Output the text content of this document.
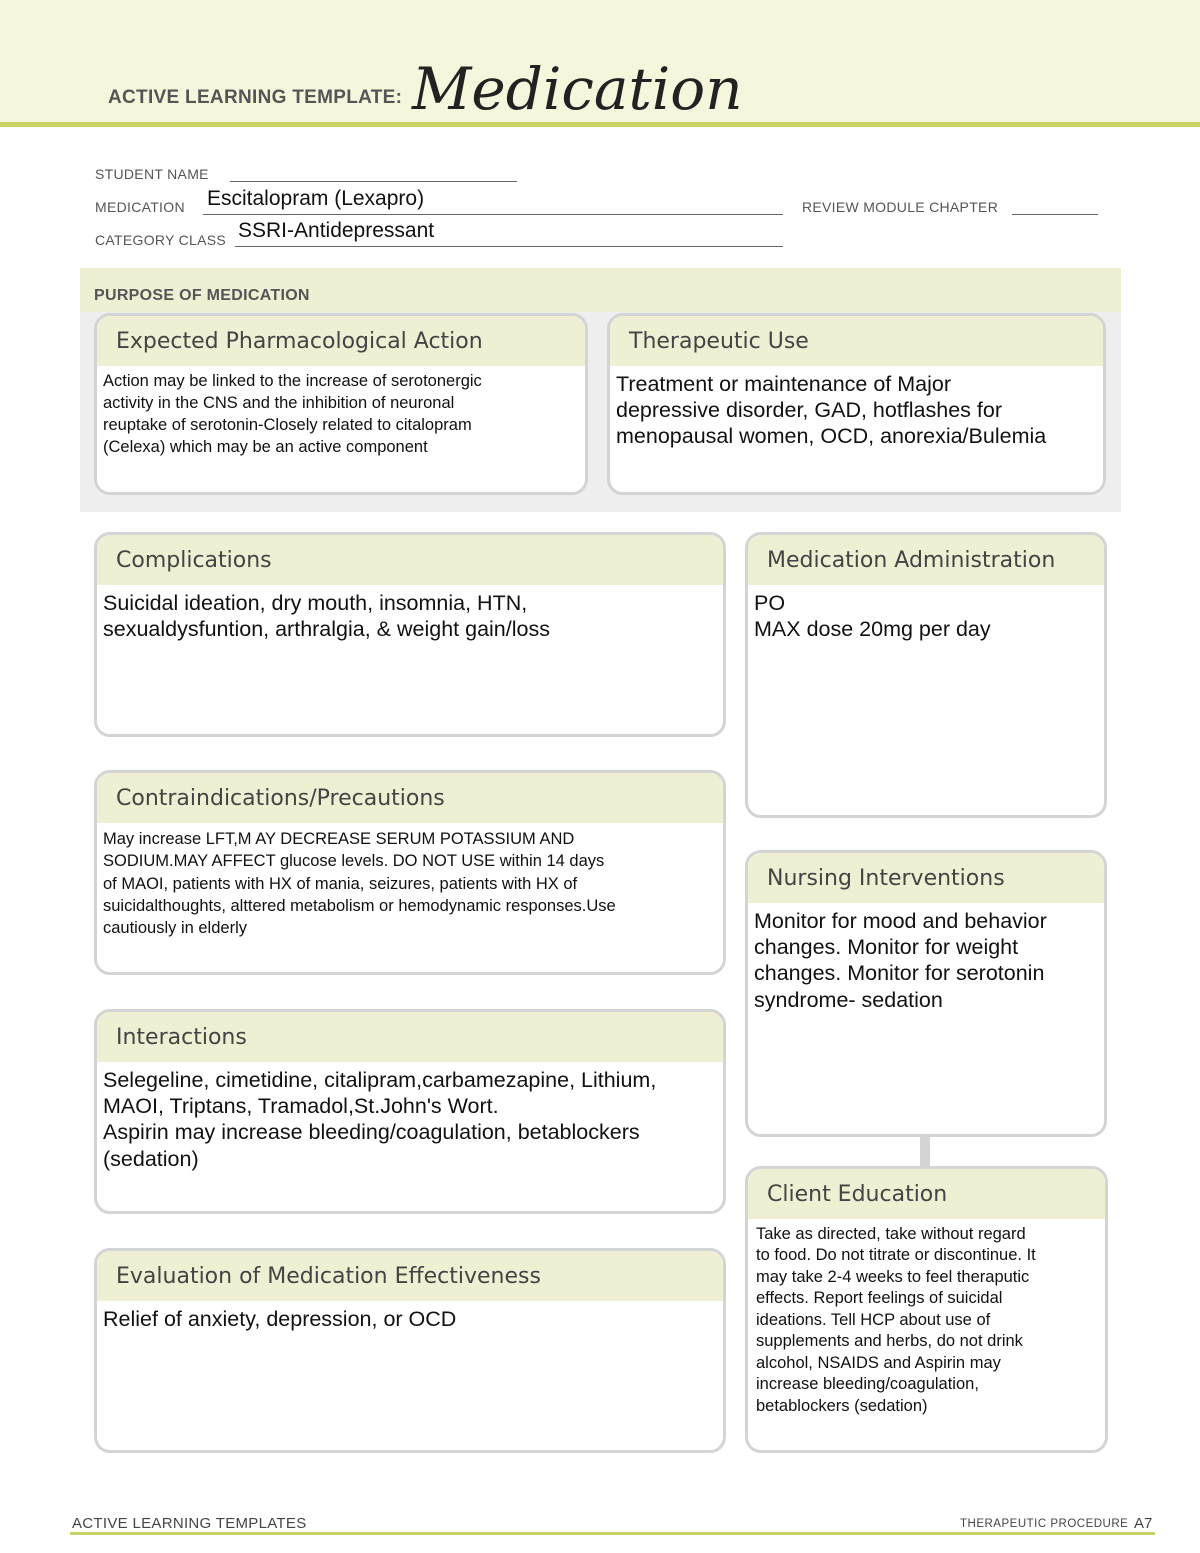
ACTIVE LEARNING TEMPLATE: Medication
STUDENT NAME
MEDICATION Escitalopram (Lexapro)	REVIEW MODULE CHAPTER
CATEGORY CLASS SSRI-Antidepressant
PURPOSE OF MEDICATION
Expected Pharmacological Action
Action may be linked to the increase of serotonergic
activity in the CNS and the inhibition of neuronal
reuptake of serotonin-Closely related to citalopram
(Celexa) which may be an active component
Therapeutic Use
Treatment or maintenance of Major
depressive disorder, GAD, hotflashes for
menopausal women, OCD, anorexia/Bulemia
Complications
Suicidal ideation, dry mouth, insomnia, HTN,
sexualdysfuntion, arthralgia, & weight gain/loss
Contraindications/Precautions
May increase LFT,M AY DECREASE SERUM POTASSIUM AND
SODIUM.MAY AFFECT glucose levels. DO NOT USE within 14 days
of MAOI, patients with HX of mania, seizures, patients with HX of
suicidalthoughts, alttered metabolism or hemodynamic responses.Use
cautiously in elderly
Interactions
Selegeline, cimetidine, citalipram,carbamezapine, Lithium,
MAOI, Triptans, Tramadol,St.John's Wort.
Aspirin may increase bleeding/coagulation, betablockers
(sedation)
Evaluation of Medication Effectiveness
Relief of anxiety, depression, or OCD
Medication Administration
PO
MAX dose 20mg per day
Nursing Interventions
Monitor for mood and behavior
changes. Monitor for weight
changes. Monitor for serotonin
syndrome- sedation
Client Education
Take as directed, take without regard
to food. Do not titrate or discontinue. It
may take 2-4 weeks to feel theraputic
effects. Report feelings of suicidal
ideations. Tell HCP about use of
supplements and herbs, do not drink
alcohol, NSAIDS and Aspirin may
increase bleeding/coagulation,
betablockers (sedation)
ACTIVE LEARNING TEMPLATES	THERAPEUTIC PROCEDURE A7
